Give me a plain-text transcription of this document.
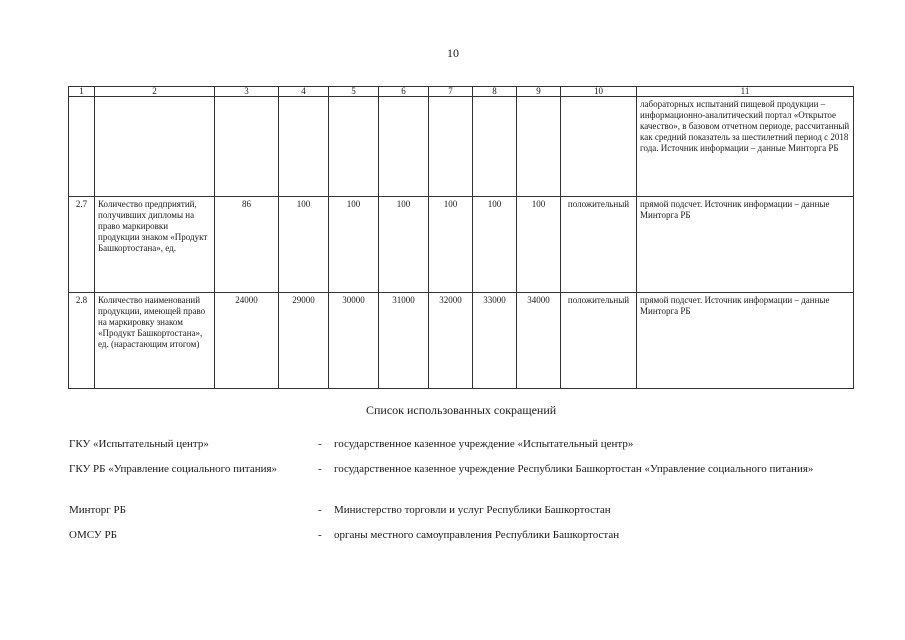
10
1	2	3	4	5	6	7	8	9	10	11
										лабораторных испытаний пищевой продукции – информационно-аналитический портал «Открытое качество», в базовом отчетном периоде, рассчитанный как средний показатель за шестилетний период с 2018 года. Источник информации – данные Минторга РБ
2.7	Количество предприятий, получивших дипломы на право маркировки продукции знаком «Продукт Башкортостана», ед.	86	100	100	100	100	100	100	положительный	прямой подсчет. Источник информации – данные Минторга РБ
2.8	Количество наименований продукции, имеющей право на маркировку знаком «Продукт Башкортостана», ед. (нарастающим итогом)	24000	29000	30000	31000	32000	33000	34000	положительный	прямой подсчет. Источник информации – данные Минторга РБ
Список использованных сокращений
ГКУ «Испытательный центр»	- государственное казенное учреждение «Испытательный центр»
ГКУ РБ «Управление социального питания»	- государственное казенное учреждение Республики Башкортостан «Управление социального питания»
Минторг РБ	- Министерство торговли и услуг Республики Башкортостан
ОМСУ РБ	- органы местного самоуправления Республики Башкортостан
